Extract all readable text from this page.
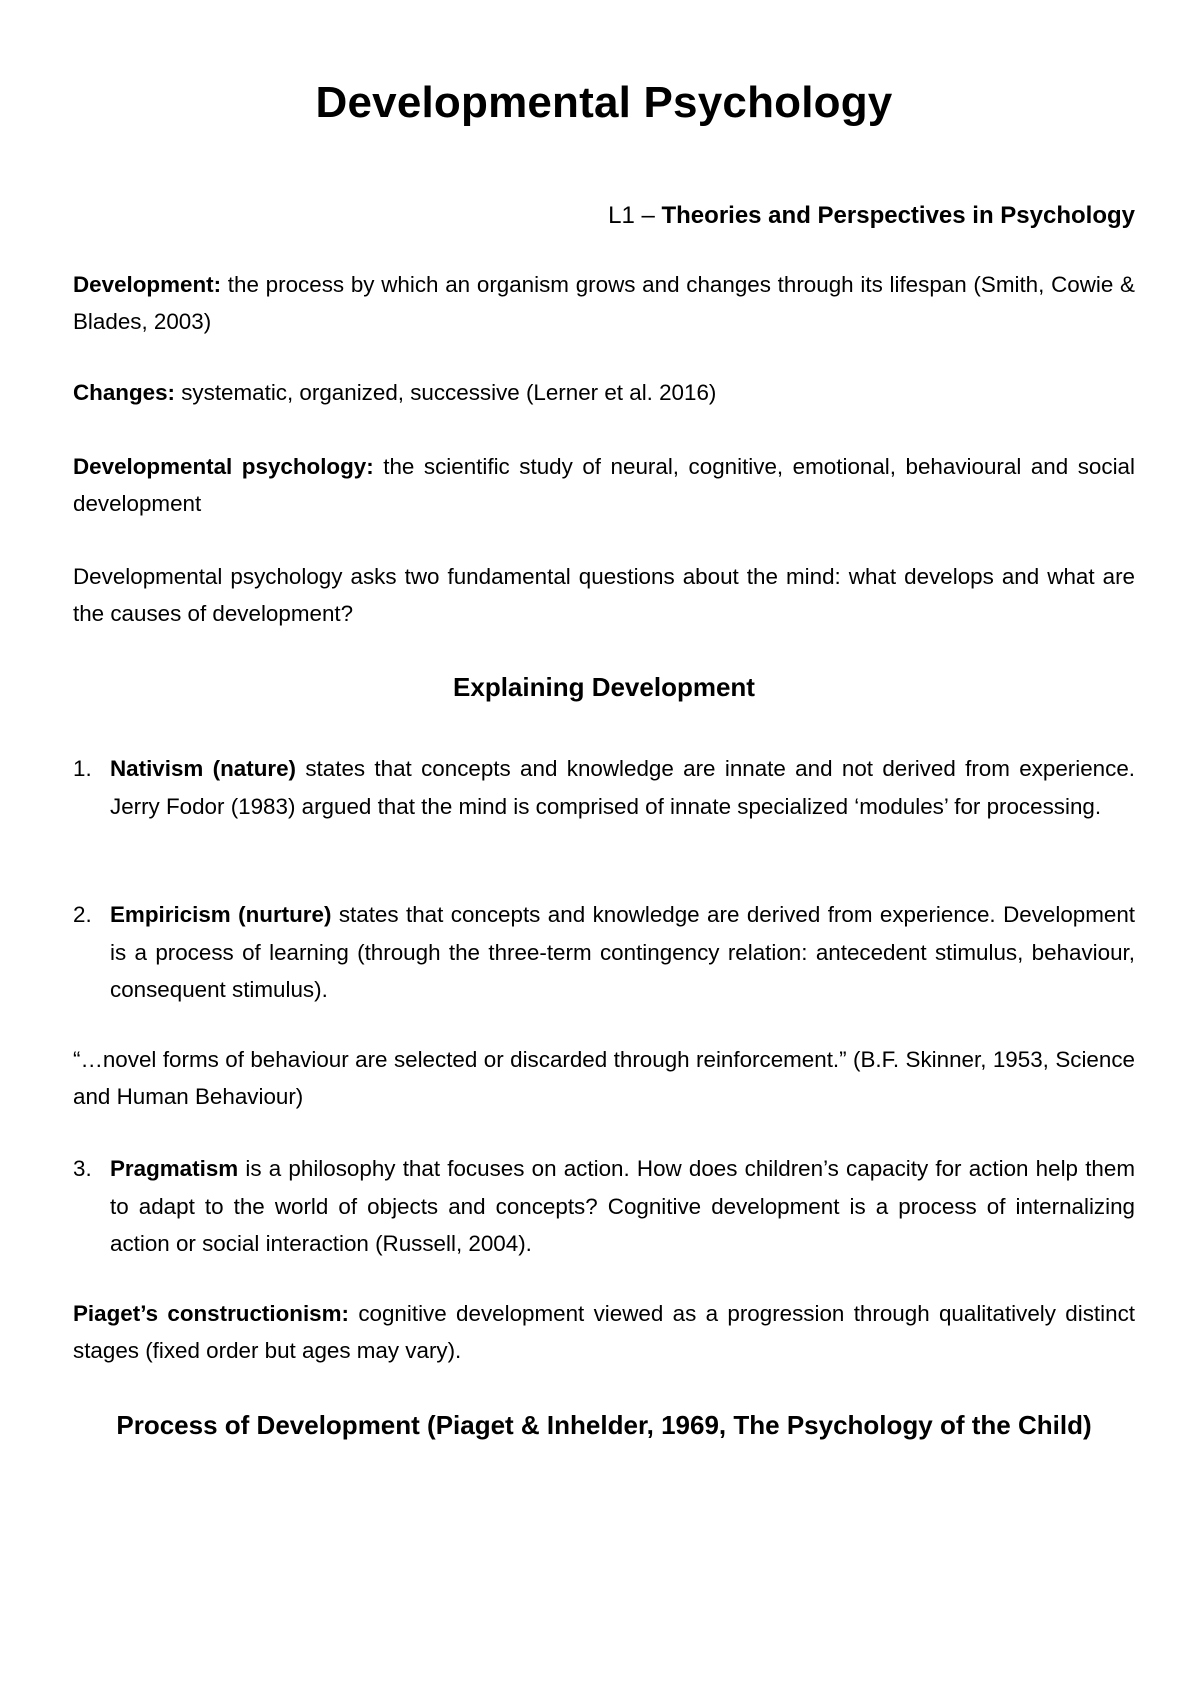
Developmental Psychology

L1 – Theories and Perspectives in Psychology

Development: the process by which an organism grows and changes through its lifespan (Smith, Cowie & Blades, 2003)

Changes: systematic, organized, successive (Lerner et al. 2016)

Developmental psychology: the scientific study of neural, cognitive, emotional, behavioural and social development

Developmental psychology asks two fundamental questions about the mind: what develops and what are the causes of development?

Explaining Development
1. Nativism (nature) states that concepts and knowledge are innate and not derived from experience. Jerry Fodor (1983) argued that the mind is comprised of innate specialized ‘modules’ for processing.
2. Empiricism (nurture) states that concepts and knowledge are derived from experience. Development is a process of learning (through the three-term contingency relation: antecedent stimulus, behaviour, consequent stimulus).

“…novel forms of behaviour are selected or discarded through reinforcement.” (B.F. Skinner, 1953, Science and Human Behaviour)

3. Pragmatism is a philosophy that focuses on action. How does children’s capacity for action help them to adapt to the world of objects and concepts? Cognitive development is a process of internalizing action or social interaction (Russell, 2004).

Piaget’s constructionism: cognitive development viewed as a progression through qualitatively distinct stages (fixed order but ages may vary).

Process of Development (Piaget & Inhelder, 1969, The Psychology of the Child)
